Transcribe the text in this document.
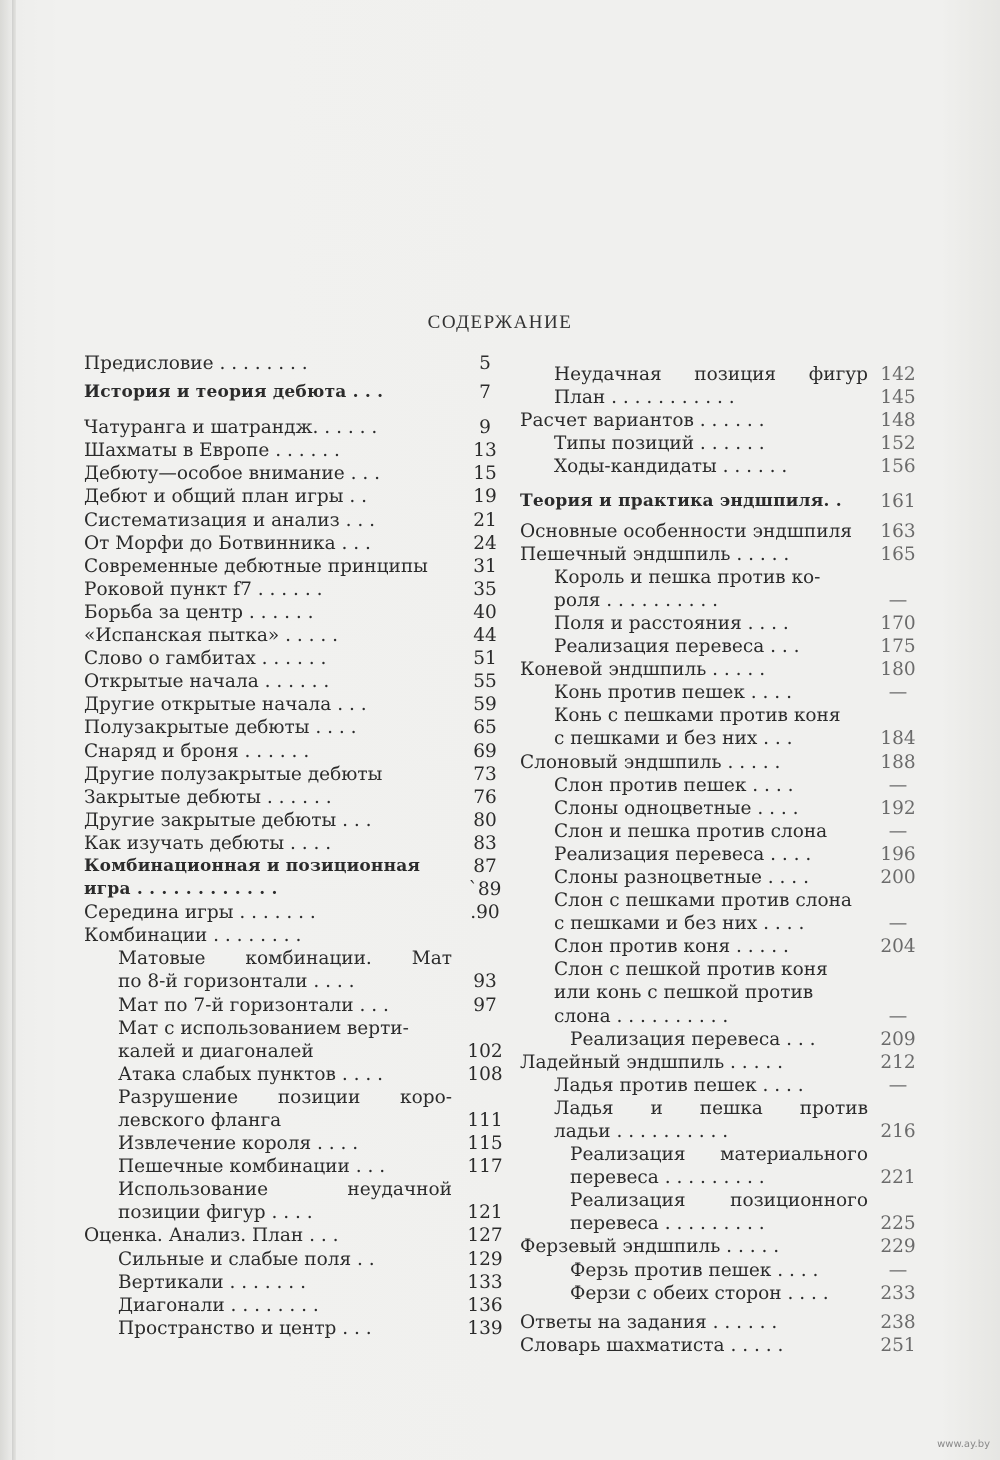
СОДЕРЖАНИЕ
Предисловие . . . . . . . .	5
История и теория дебюта . . .	7
Чатуранга и шатрандж. . . . . .	9
Шахматы в Европе . . . . . .	13
Дебюту—особое внимание . . .	15
Дебют и общий план игры . .	19
Систематизация и анализ . . .	21
От Морфи до Ботвинника . . .	24
Современные дебютные принципы	31
Роковой пункт f7 . . . . . .	35
Борьба за центр . . . . . .	40
«Испанская пытка» . . . . .	44
Слово о гамбитах . . . . . .	51
Открытые начала . . . . . .	55
Другие открытые начала . . .	59
Полузакрытые дебюты . . . .	65
Снаряд и броня . . . . . .	69
Другие полузакрытые дебюты	73
Закрытые дебюты . . . . . .	76
Другие закрытые дебюты . . .	80
Как изучать дебюты . . . .	83
Комбинационная и позиционная	87
игра . . . . . . . . . . . .	`89
Середина игры . . . . . . .	.90
Комбинации . . . . . . . .
Матовые комбинации. Мат
по 8-й горизонтали . . . .	93
Мат по 7-й горизонтали . . .	97
Мат с использованием верти-
калей и диагоналей	102
Атака слабых пунктов . . . .	108
Разрушение позиции коро-
левского фланга	111
Извлечение короля . . . .	115
Пешечные комбинации . . .	117
Использование неудачной
позиции фигур . . . .	121
Оценка. Анализ. План . . .	127
Сильные и слабые поля . .	129
Вертикали . . . . . . .	133
Диагонали . . . . . . . .	136
Пространство и центр . . .	139
Неудачная позиция фигур 142
План . . . . . . . . . . .	145
Расчет вариантов . . . . . .	148
Типы позиций . . . . . .	152
Ходы-кандидаты . . . . . .	156
Теория и практика эндшпиля. .	161
Основные особенности эндшпиля	163
Пешечный эндшпиль . . . . .	165
Король и пешка против ко-
роля . . . . . . . . . .	—
Поля и расстояния . . . .	170
Реализация перевеса . . .	175
Коневой эндшпиль . . . . .	180
Конь против пешек . . . .	—
Конь с пешками против коня
с пешками и без них . . .	184
Слоновый эндшпиль . . . . .	188
Слон против пешек . . . .	—
Слоны одноцветные . . . .	192
Слон и пешка против слона	—
Реализация перевеса . . . .	196
Слоны разноцветные . . . .	200
Слон с пешками против слона
с пешками и без них . . . .	—
Слон против коня . . . . .	204
Слон с пешкой против коня
или конь с пешкой против
слона . . . . . . . . . .	—
Реализация перевеса . . .	209
Ладейный эндшпиль . . . . .	212
Ладья против пешек . . . .	—
Ладья и пешка против
ладьи . . . . . . . . . .	216
Реализация материального
перевеса . . . . . . . . .	221
Реализация позиционного
перевеса . . . . . . . . .	225
Ферзевый эндшпиль . . . . .	229
Ферзь против пешек . . . .	—
Ферзи с обеих сторон . . . .	233
Ответы на задания . . . . . .	238
Словарь шахматиста . . . . .	251
www.ay.by
